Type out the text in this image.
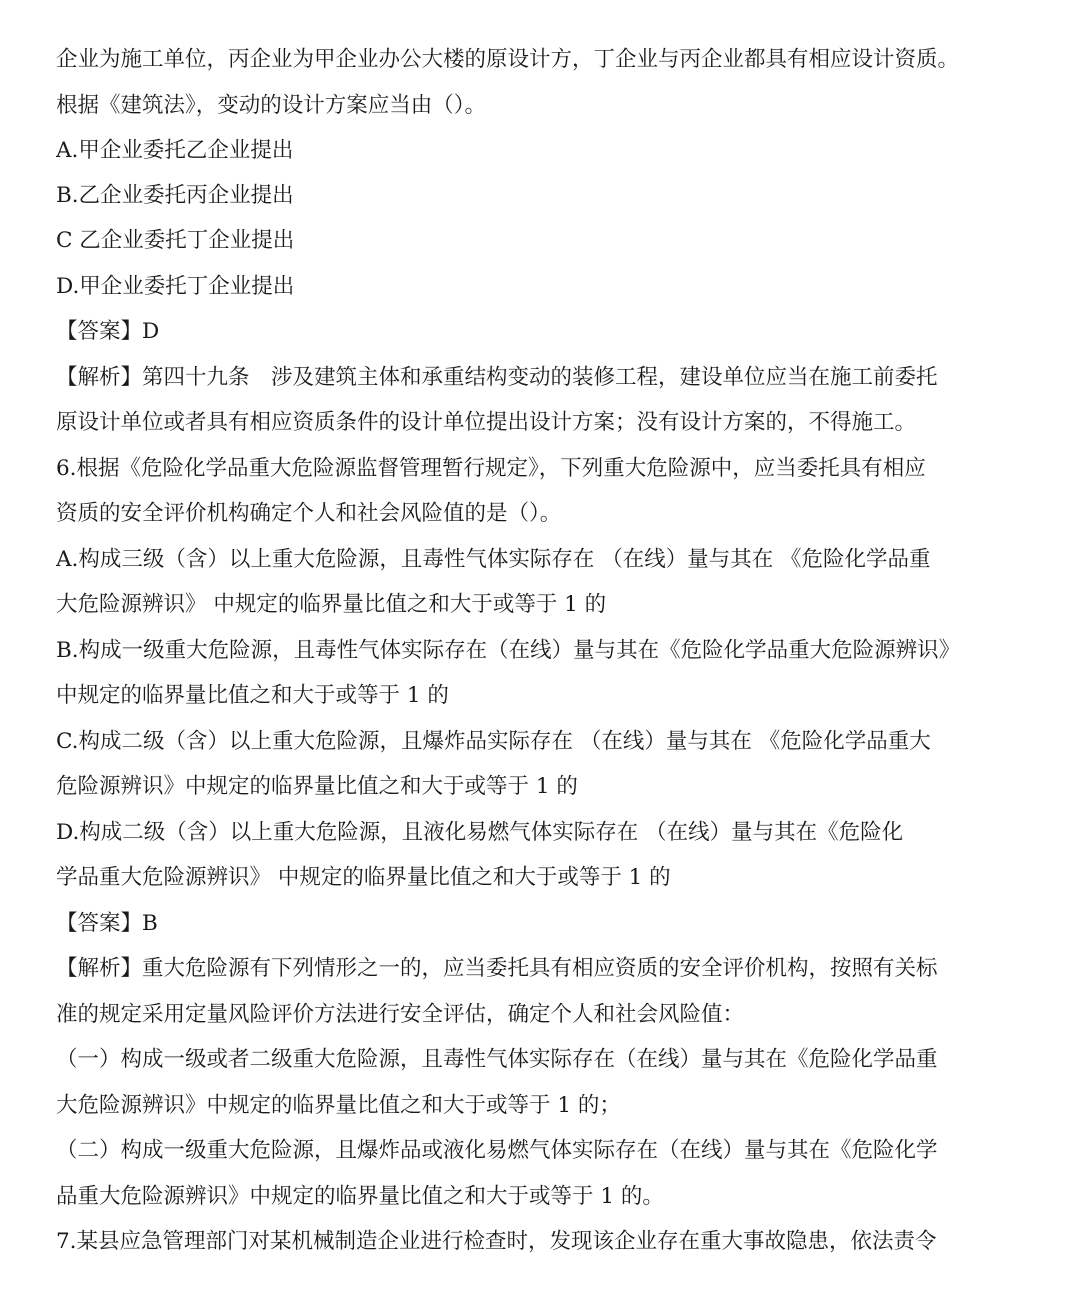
企业为施工单位，丙企业为甲企业办公大楼的原设计方，丁企业与丙企业都具有相应设计资质。
根据《建筑法》，变动的设计方案应当由（）。
A.甲企业委托乙企业提出
B.乙企业委托丙企业提出
C 乙企业委托丁企业提出
D.甲企业委托丁企业提出
【答案】D
【解析】第四十九条　涉及建筑主体和承重结构变动的装修工程，建设单位应当在施工前委托
原设计单位或者具有相应资质条件的设计单位提出设计方案；没有设计方案的，不得施工。
6.根据《危险化学品重大危险源监督管理暂行规定》，下列重大危险源中，应当委托具有相应
资质的安全评价机构确定个人和社会风险值的是（）。
A.构成三级（含）以上重大危险源，且毒性气体实际存在 （在线）量与其在 《危险化学品重
大危险源辨识》 中规定的临界量比值之和大于或等于 1 的
B.构成一级重大危险源，且毒性气体实际存在（在线）量与其在《危险化学品重大危险源辨识》
中规定的临界量比值之和大于或等于 1 的
C.构成二级（含）以上重大危险源，且爆炸品实际存在 （在线）量与其在 《危险化学品重大
危险源辨识》中规定的临界量比值之和大于或等于 1 的
D.构成二级（含）以上重大危险源，且液化易燃气体实际存在 （在线）量与其在《危险化
学品重大危险源辨识》 中规定的临界量比值之和大于或等于 1 的
【答案】B
【解析】重大危险源有下列情形之一的，应当委托具有相应资质的安全评价机构，按照有关标
准的规定采用定量风险评价方法进行安全评估，确定个人和社会风险值：
（一）构成一级或者二级重大危险源，且毒性气体实际存在（在线）量与其在《危险化学品重
大危险源辨识》中规定的临界量比值之和大于或等于 1 的；
（二）构成一级重大危险源，且爆炸品或液化易燃气体实际存在（在线）量与其在《危险化学
品重大危险源辨识》中规定的临界量比值之和大于或等于 1 的。
7.某县应急管理部门对某机械制造企业进行检查时，发现该企业存在重大事故隐患，依法责令
